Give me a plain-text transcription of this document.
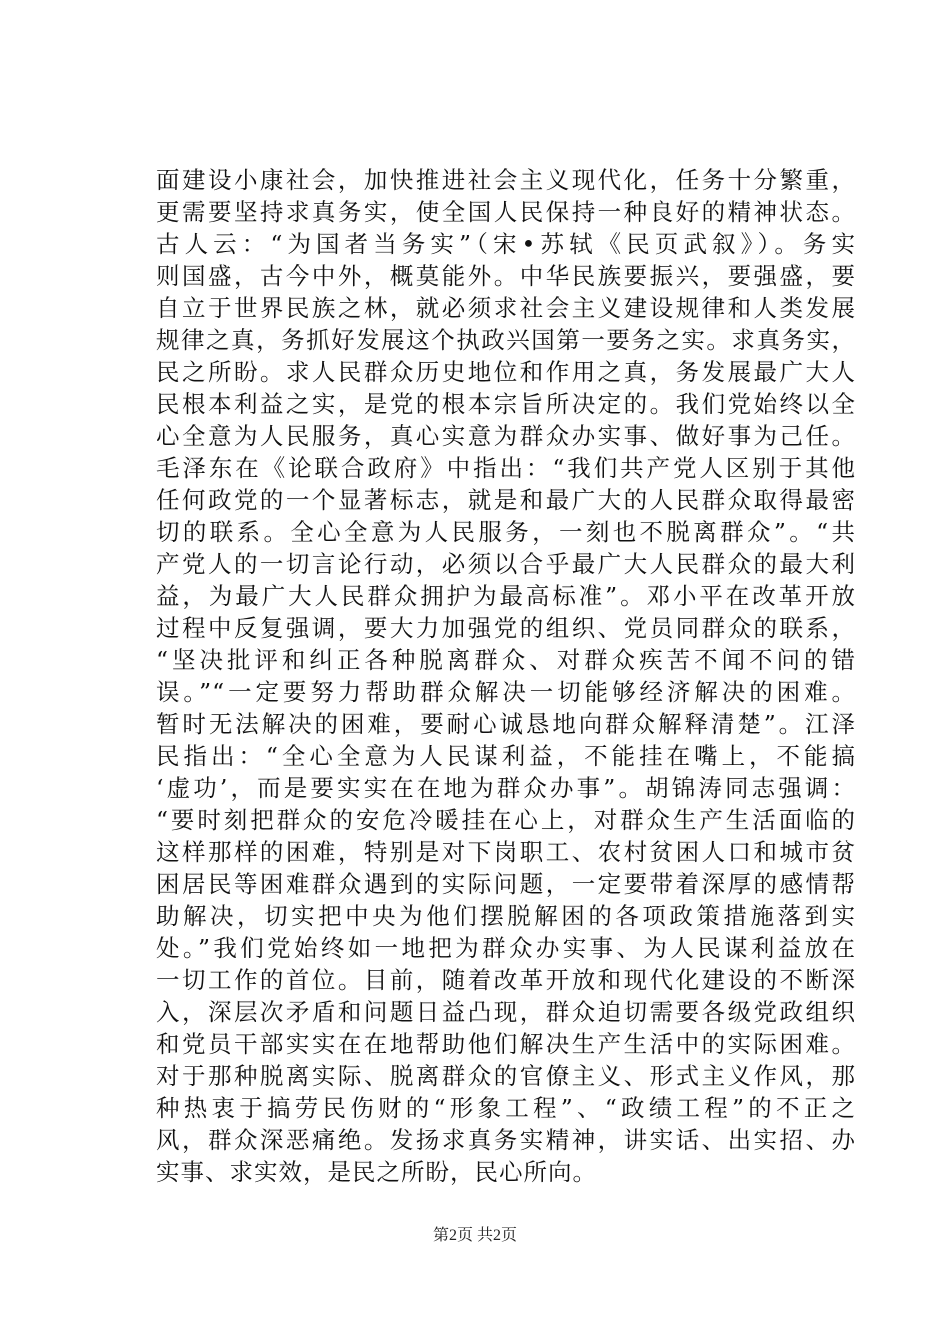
面建设小康社会，加快推进社会主义现代化，任务十分繁重，
更需要坚持求真务实，使全国人民保持一种良好的精神状态。
古人云：“为国者当务实”（宋•苏轼《民页武叙》）。务实
则国盛，古今中外，概莫能外。中华民族要振兴，要强盛，要
自立于世界民族之林，就必须求社会主义建设规律和人类发展
规律之真，务抓好发展这个执政兴国第一要务之实。求真务实，
民之所盼。求人民群众历史地位和作用之真，务发展最广大人
民根本利益之实，是党的根本宗旨所决定的。我们党始终以全
心全意为人民服务，真心实意为群众办实事、做好事为己任。
毛泽东在《论联合政府》中指出：“我们共产党人区别于其他
任何政党的一个显著标志，就是和最广大的人民群众取得最密
切的联系。全心全意为人民服务，一刻也不脱离群众”。“共
产党人的一切言论行动，必须以合乎最广大人民群众的最大利
益，为最广大人民群众拥护为最高标准”。邓小平在改革开放
过程中反复强调，要大力加强党的组织、党员同群众的联系，
“坚决批评和纠正各种脱离群众、对群众疾苦不闻不问的错
误。”“一定要努力帮助群众解决一切能够经济解决的困难。
暂时无法解决的困难，要耐心诚恳地向群众解释清楚”。江泽
民指出：“全心全意为人民谋利益，不能挂在嘴上，不能搞
‘虚功’，而是要实实在在地为群众办事”。胡锦涛同志强调：
“要时刻把群众的安危冷暖挂在心上，对群众生产生活面临的
这样那样的困难，特别是对下岗职工、农村贫困人口和城市贫
困居民等困难群众遇到的实际问题，一定要带着深厚的感情帮
助解决，切实把中央为他们摆脱解困的各项政策措施落到实
处。”我们党始终如一地把为群众办实事、为人民谋利益放在
一切工作的首位。目前，随着改革开放和现代化建设的不断深
入，深层次矛盾和问题日益凸现，群众迫切需要各级党政组织
和党员干部实实在在地帮助他们解决生产生活中的实际困难。
对于那种脱离实际、脱离群众的官僚主义、形式主义作风，那
种热衷于搞劳民伤财的“形象工程”、“政绩工程”的不正之
风，群众深恶痛绝。发扬求真务实精神，讲实话、出实招、办
实事、求实效，是民之所盼，民心所向。
第2页 共2页
